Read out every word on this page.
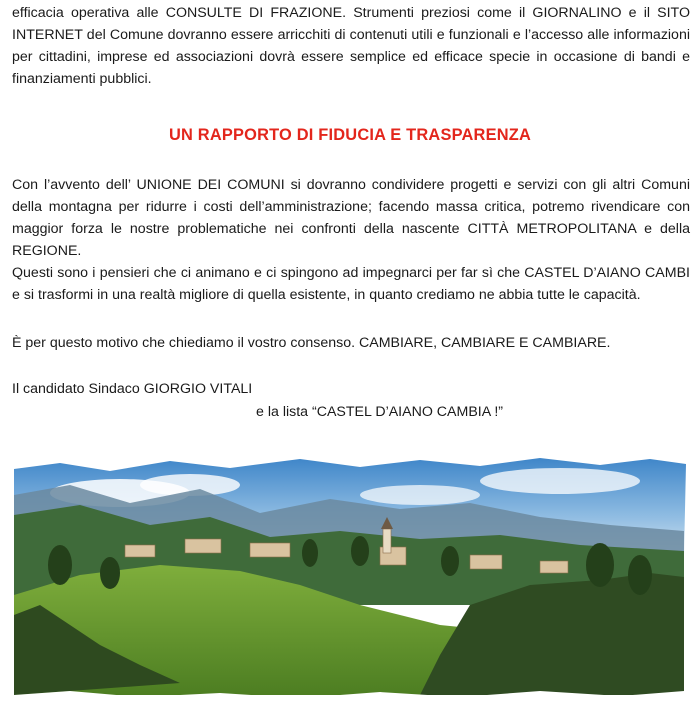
efficacia operativa alle CONSULTE DI FRAZIONE. Strumenti preziosi come il GIORNALINO e il SITO INTERNET del Comune dovranno essere arricchiti di contenuti utili e funzionali e l’accesso alle informazioni per cittadini, imprese ed associazioni dovrà essere semplice ed efficace specie in occasione di bandi e finanziamenti pubblici.

UN RAPPORTO DI FIDUCIA E TRASPARENZA

Con l’avvento dell’ UNIONE DEI COMUNI si dovranno condividere progetti e servizi con gli altri Comuni della montagna per ridurre i costi dell’amministrazione; facendo massa critica, potremo rivendicare con maggior forza le nostre problematiche nei confronti della nascente CITTÀ METROPOLITANA e della REGIONE.

Questi sono i pensieri che ci animano e ci spingono ad impegnarci per far sì che CASTEL D’AIANO CAMBI e si trasformi in una realtà migliore di quella esistente, in quanto crediamo ne abbia tutte le capacità.

È per questo motivo che chiediamo il vostro consenso. CAMBIARE, CAMBIARE E CAMBIARE.

Il candidato Sindaco GIORGIO VITALI

e la lista “CASTEL D’AIANO CAMBIA !”
